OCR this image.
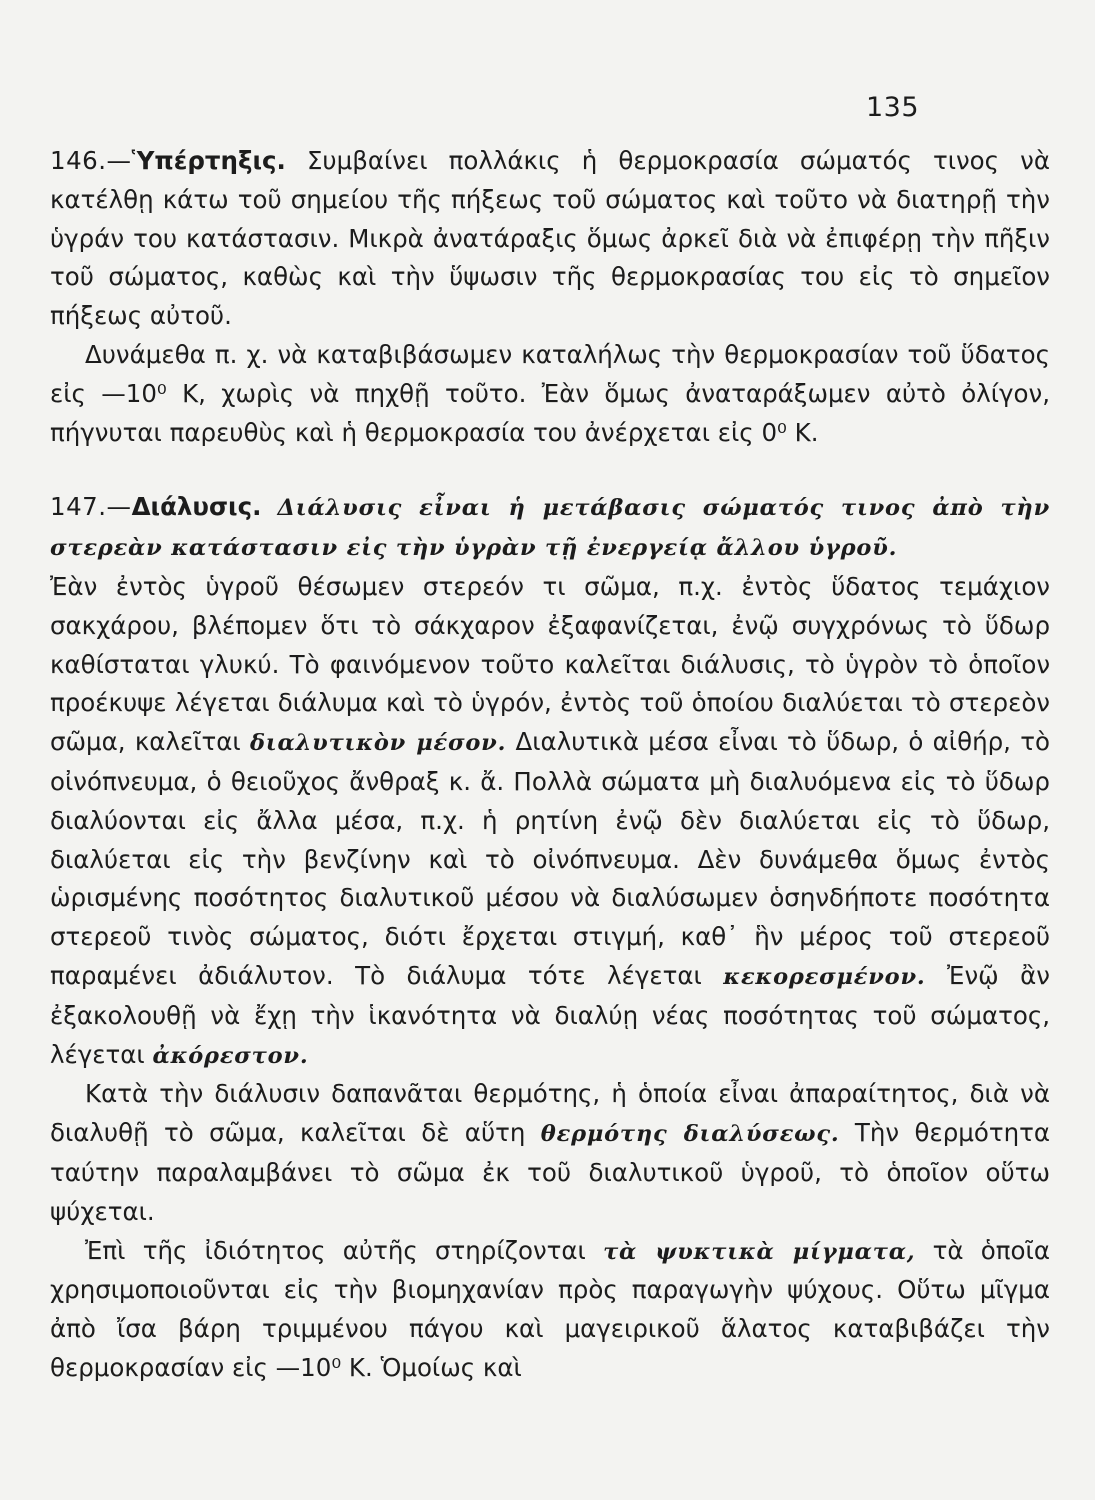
135

146.—Ὑπέρτηξις. Συμβαίνει πολλάκις ἡ θερμοκρασία σώματός τινος νὰ κατέλθῃ κάτω τοῦ σημείου τῆς πήξεως τοῦ σώματος καὶ τοῦτο νὰ διατηρῇ τὴν ὑγράν του κατάστασιν. Μικρὰ ἀνατάραξις ὅμως ἀρκεῖ διὰ νὰ ἐπιφέρῃ τὴν πῆξιν τοῦ σώματος, καθὼς καὶ τὴν ὕψωσιν τῆς θερμοκρασίας του εἰς τὸ σημεῖον πήξεως αὐτοῦ.

Δυνάμεθα π. χ. νὰ καταβιβάσωμεν καταλήλως τὴν θερμοκρασίαν τοῦ ὕδατος εἰς —10⁰ Κ, χωρὶς νὰ πηχθῇ τοῦτο. Ἐὰν ὅμως ἀναταράξωμεν αὐτὸ ὀλίγον, πήγνυται παρευθὺς καὶ ἡ θερμοκρασία του ἀνέρχεται εἰς 0⁰ Κ.

147.—Διάλυσις. Διάλυσις εἶναι ἡ μετάβασις σώματός τινος ἀπὸ τὴν στερεὰν κατάστασιν εἰς τὴν ὑγρὰν τῇ ἐνεργείᾳ ἄλλου ὑγροῦ.

Ἐὰν ἐντὸς ὑγροῦ θέσωμεν στερεόν τι σῶμα, π.χ. ἐντὸς ὕδατος τεμάχιον σακχάρου, βλέπομεν ὅτι τὸ σάκχαρον ἐξαφανίζεται, ἐνῷ συγχρόνως τὸ ὕδωρ καθίσταται γλυκύ. Τὸ φαινόμενον τοῦτο καλεῖται διάλυσις, τὸ ὑγρὸν τὸ ὁποῖον προέκυψε λέγεται διάλυμα καὶ τὸ ὑγρόν, ἐντὸς τοῦ ὁποίου διαλύεται τὸ στερεὸν σῶμα, καλεῖται διαλυτικὸν μέσον. Διαλυτικὰ μέσα εἶναι τὸ ὕδωρ, ὁ αἰθήρ, τὸ οἰνόπνευμα, ὁ θειοῦχος ἄνθραξ κ. ἄ. Πολλὰ σώματα μὴ διαλυόμενα εἰς τὸ ὕδωρ διαλύονται εἰς ἄλλα μέσα, π.χ. ἡ ρητίνη ἐνῷ δὲν διαλύεται εἰς τὸ ὕδωρ, διαλύεται εἰς τὴν βενζίνην καὶ τὸ οἰνόπνευμα. Δὲν δυνάμεθα ὅμως ἐντὸς ὡρισμένης ποσότητος διαλυτικοῦ μέσου νὰ διαλύσωμεν ὁσηνδήποτε ποσότητα στερεοῦ τινὸς σώματος, διότι ἔρχεται στιγμή, καθ᾽ ἣν μέρος τοῦ στερεοῦ παραμένει ἀδιάλυτον. Τὸ διάλυμα τότε λέγεται κεκορεσμένον. Ἐνῷ ἂν ἐξακολουθῇ νὰ ἔχῃ τὴν ἱκανότητα νὰ διαλύῃ νέας ποσότητας τοῦ σώματος, λέγεται ἀκόρεστον.

Κατὰ τὴν διάλυσιν δαπανᾶται θερμότης, ἡ ὁποία εἶναι ἀπαραίτητος, διὰ νὰ διαλυθῇ τὸ σῶμα, καλεῖται δὲ αὕτη θερμότης διαλύσεως. Τὴν θερμότητα ταύτην παραλαμβάνει τὸ σῶμα ἐκ τοῦ διαλυτικοῦ ὑγροῦ, τὸ ὁποῖον οὕτω ψύχεται.

Ἐπὶ τῆς ἰδιότητος αὐτῆς στηρίζονται τὰ ψυκτικὰ μίγματα, τὰ ὁποῖα χρησιμοποιοῦνται εἰς τὴν βιομηχανίαν πρὸς παραγωγὴν ψύχους. Οὕτω μῖγμα ἀπὸ ἴσα βάρη τριμμένου πάγου καὶ μαγειρικοῦ ἅλατος καταβιβάζει τὴν θερμοκρασίαν εἰς —10⁰ Κ. Ὁμοίως καὶ
